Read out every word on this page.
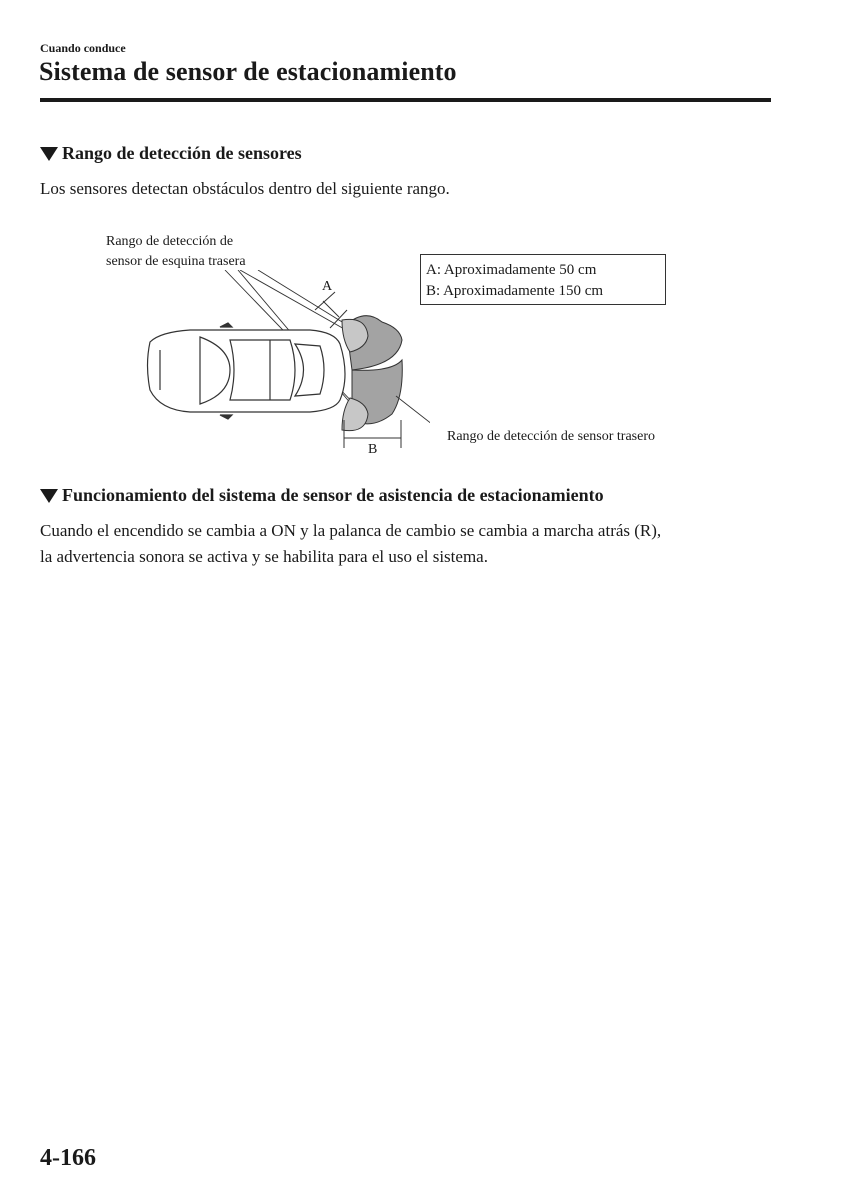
Cuando conduce
Sistema de sensor de estacionamiento
Rango de detección de sensores
Los sensores detectan obstáculos dentro del siguiente rango.
Rango de detección de
sensor de esquina trasera
A: Aproximadamente 50 cm
B: Aproximadamente 150 cm
A
B
Rango de detección de sensor trasero
Funcionamiento del sistema de sensor de asistencia de estacionamiento
Cuando el encendido se cambia a ON y la palanca de cambio se cambia a marcha atrás (R),
la advertencia sonora se activa y se habilita para el uso el sistema.
4-166
